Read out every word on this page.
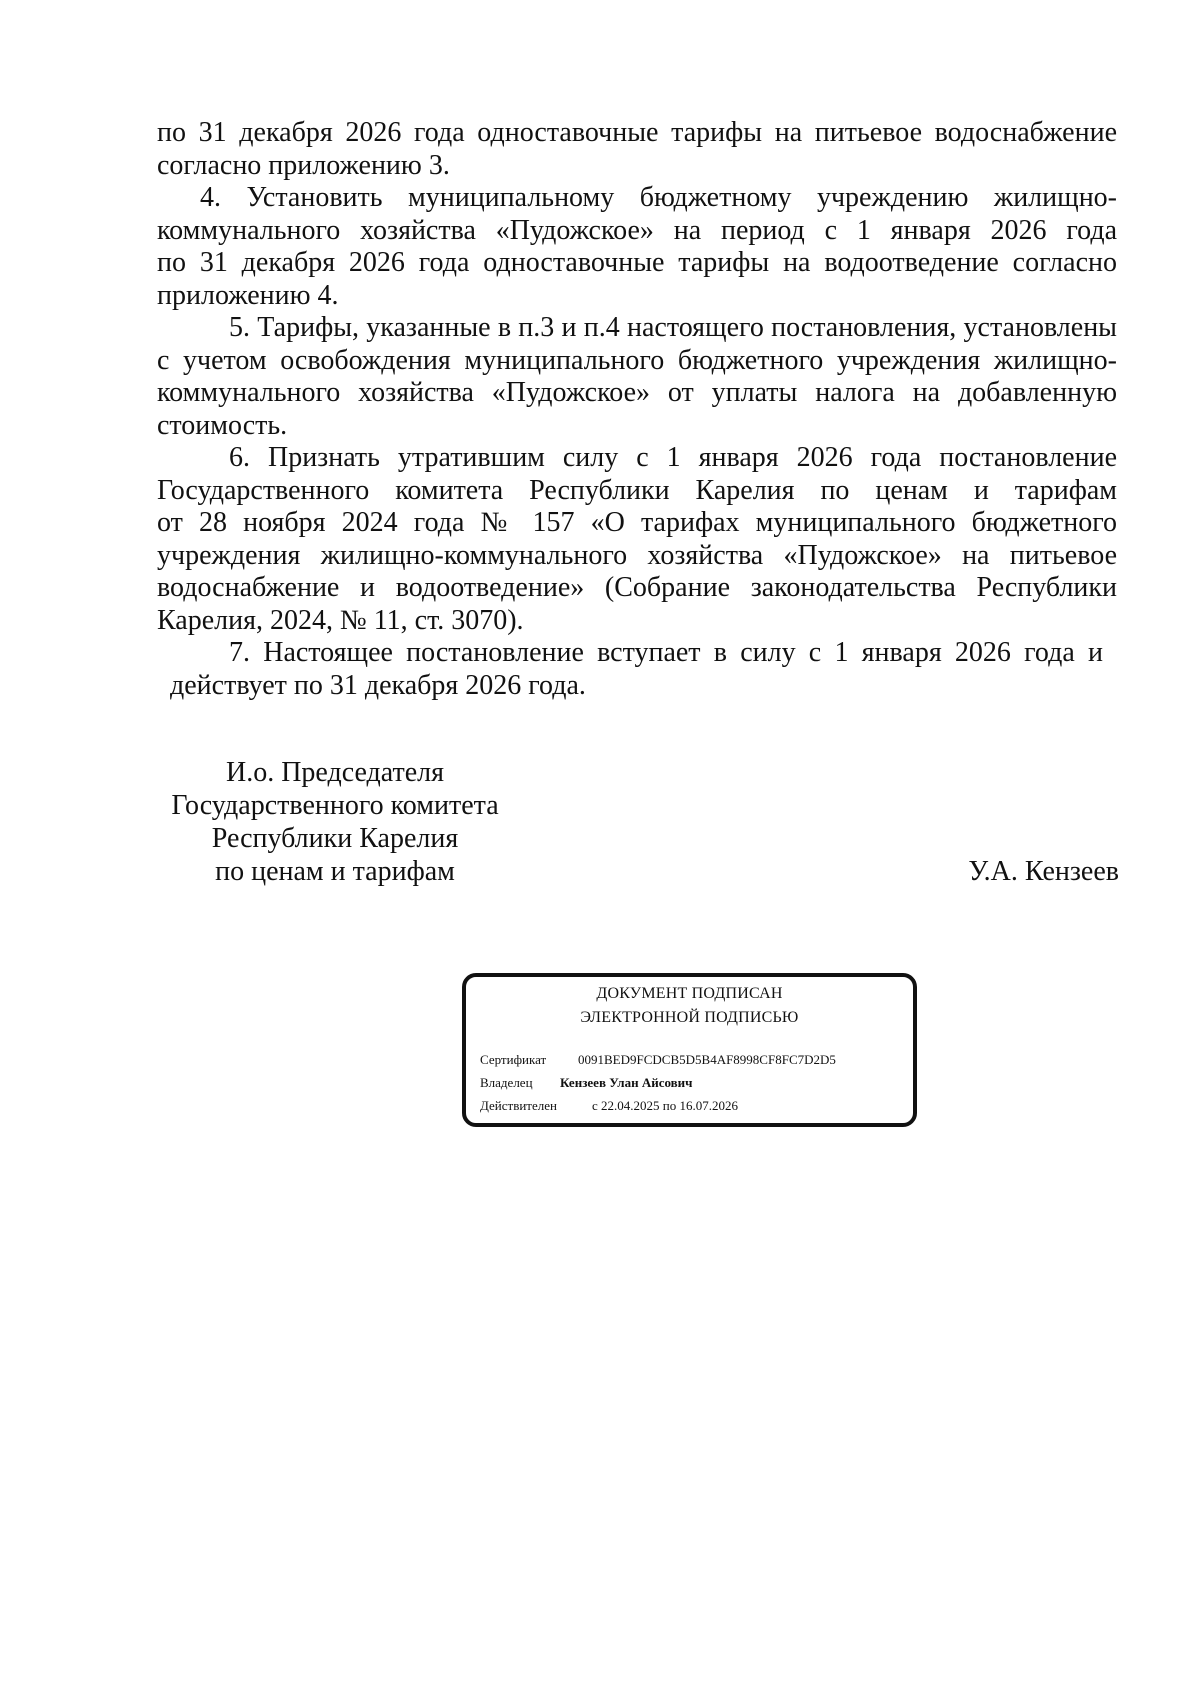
по 31 декабря 2026 года одноставочные тарифы на питьевое водоснабжение
согласно приложению 3.
4. Установить муниципальному бюджетному учреждению жилищно-
коммунального хозяйства «Пудожское» на период с 1 января 2026 года
по 31 декабря 2026 года одноставочные тарифы на водоотведение согласно
приложению 4.
5. Тарифы, указанные в п.3 и п.4 настоящего постановления, установлены
с учетом освобождения муниципального бюджетного учреждения жилищно-
коммунального хозяйства «Пудожское» от уплаты налога на добавленную
стоимость.
6. Признать утратившим силу с 1 января 2026 года постановление
Государственного комитета Республики Карелия по ценам и тарифам
от 28 ноября 2024 года № 157 «О тарифах муниципального бюджетного
учреждения жилищно-коммунального хозяйства «Пудожское» на питьевое
водоснабжение и водоотведение» (Собрание законодательства Республики
Карелия, 2024, № 11, ст. 3070).
7. Настоящее постановление вступает в силу с 1 января 2026 года и
действует по 31 декабря 2026 года.
И.о. Председателя
Государственного комитета
Республики Карелия
по ценам и тарифам	У.А. Кензеев
ДОКУМЕНТ ПОДПИСАН
ЭЛЕКТРОННОЙ ПОДПИСЬЮ
Сертификат 0091BED9FCDCB5D5B4AF8998CF8FC7D2D5
Владелец Кензеев Улан Айсович
Действителен	с 22.04.2025 по 16.07.2026
